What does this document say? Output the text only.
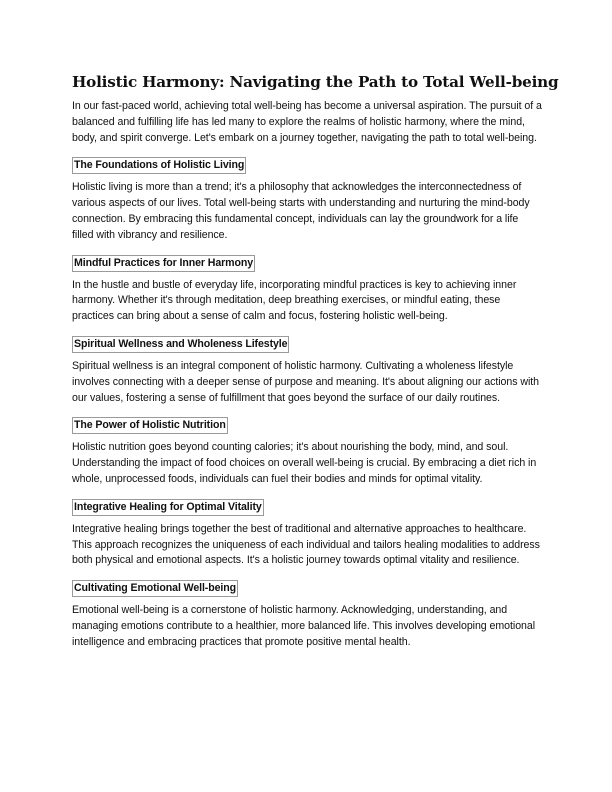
Holistic Harmony: Navigating the Path to Total Well-being

In our fast-paced world, achieving total well-being has become a universal aspiration. The pursuit of a balanced and fulfilling life has led many to explore the realms of holistic harmony, where the mind, body, and spirit converge. Let's embark on a journey together, navigating the path to total well-being.

The Foundations of Holistic Living

Holistic living is more than a trend; it's a philosophy that acknowledges the interconnectedness of various aspects of our lives. Total well-being starts with understanding and nurturing the mind-body connection. By embracing this fundamental concept, individuals can lay the groundwork for a life filled with vibrancy and resilience.

Mindful Practices for Inner Harmony

In the hustle and bustle of everyday life, incorporating mindful practices is key to achieving inner harmony. Whether it's through meditation, deep breathing exercises, or mindful eating, these practices can bring about a sense of calm and focus, fostering holistic well-being.

Spiritual Wellness and Wholeness Lifestyle

Spiritual wellness is an integral component of holistic harmony. Cultivating a wholeness lifestyle involves connecting with a deeper sense of purpose and meaning. It's about aligning our actions with our values, fostering a sense of fulfillment that goes beyond the surface of our daily routines.

The Power of Holistic Nutrition

Holistic nutrition goes beyond counting calories; it's about nourishing the body, mind, and soul. Understanding the impact of food choices on overall well-being is crucial. By embracing a diet rich in whole, unprocessed foods, individuals can fuel their bodies and minds for optimal vitality.

Integrative Healing for Optimal Vitality

Integrative healing brings together the best of traditional and alternative approaches to healthcare. This approach recognizes the uniqueness of each individual and tailors healing modalities to address both physical and emotional aspects. It's a holistic journey towards optimal vitality and resilience.

Cultivating Emotional Well-being

Emotional well-being is a cornerstone of holistic harmony. Acknowledging, understanding, and managing emotions contribute to a healthier, more balanced life. This involves developing emotional intelligence and embracing practices that promote positive mental health.
